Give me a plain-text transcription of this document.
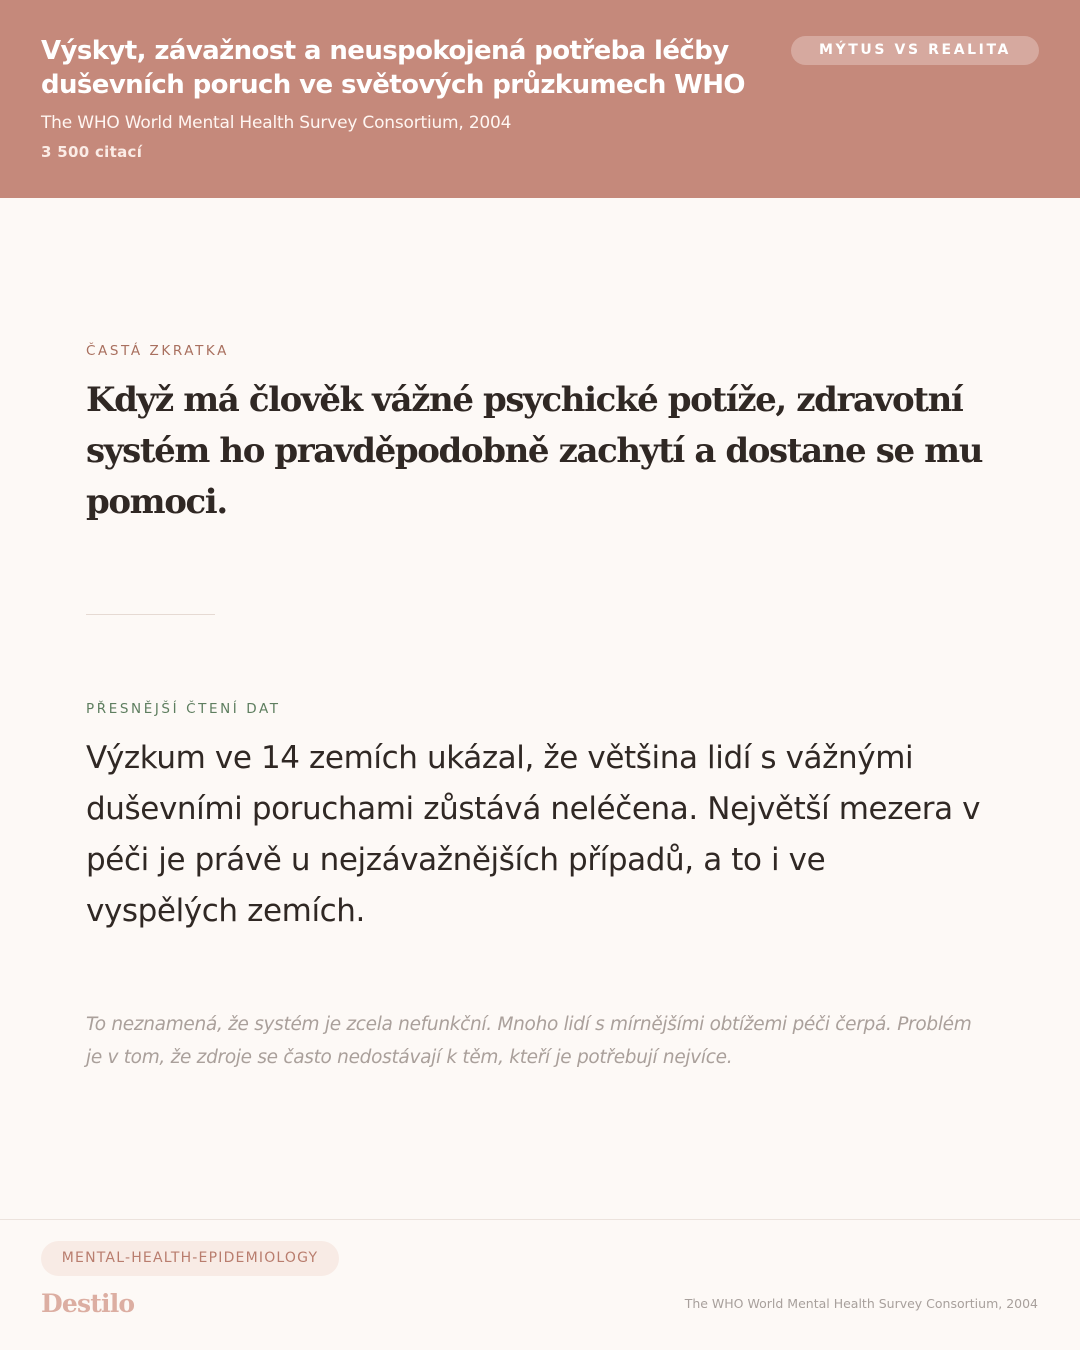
Výskyt, závažnost a neuspokojená potřeba léčby duševních poruch ve světových průzkumech WHO
The WHO World Mental Health Survey Consortium, 2004
3 500 citací
MÝTUS VS REALITA
ČASTÁ ZKRATKA

Když má člověk vážné psychické potíže, zdravotní systém ho pravděpodobně zachytí a dostane se mu pomoci.

PŘESNĚJŠÍ ČTENÍ DAT

Výzkum ve 14 zemích ukázal, že většina lidí s vážnými duševními poruchami zůstává neléčena. Největší mezera v péči je právě u nejzávažnějších případů, a to i ve vyspělých zemích.

To neznamená, že systém je zcela nefunkční. Mnoho lidí s mírnějšími obtížemi péči čerpá. Problém je v tom, že zdroje se často nedostávají k těm, kteří je potřebují nejvíce.

MENTAL-HEALTH-EPIDEMIOLOGY
Destilo	The WHO World Mental Health Survey Consortium, 2004
